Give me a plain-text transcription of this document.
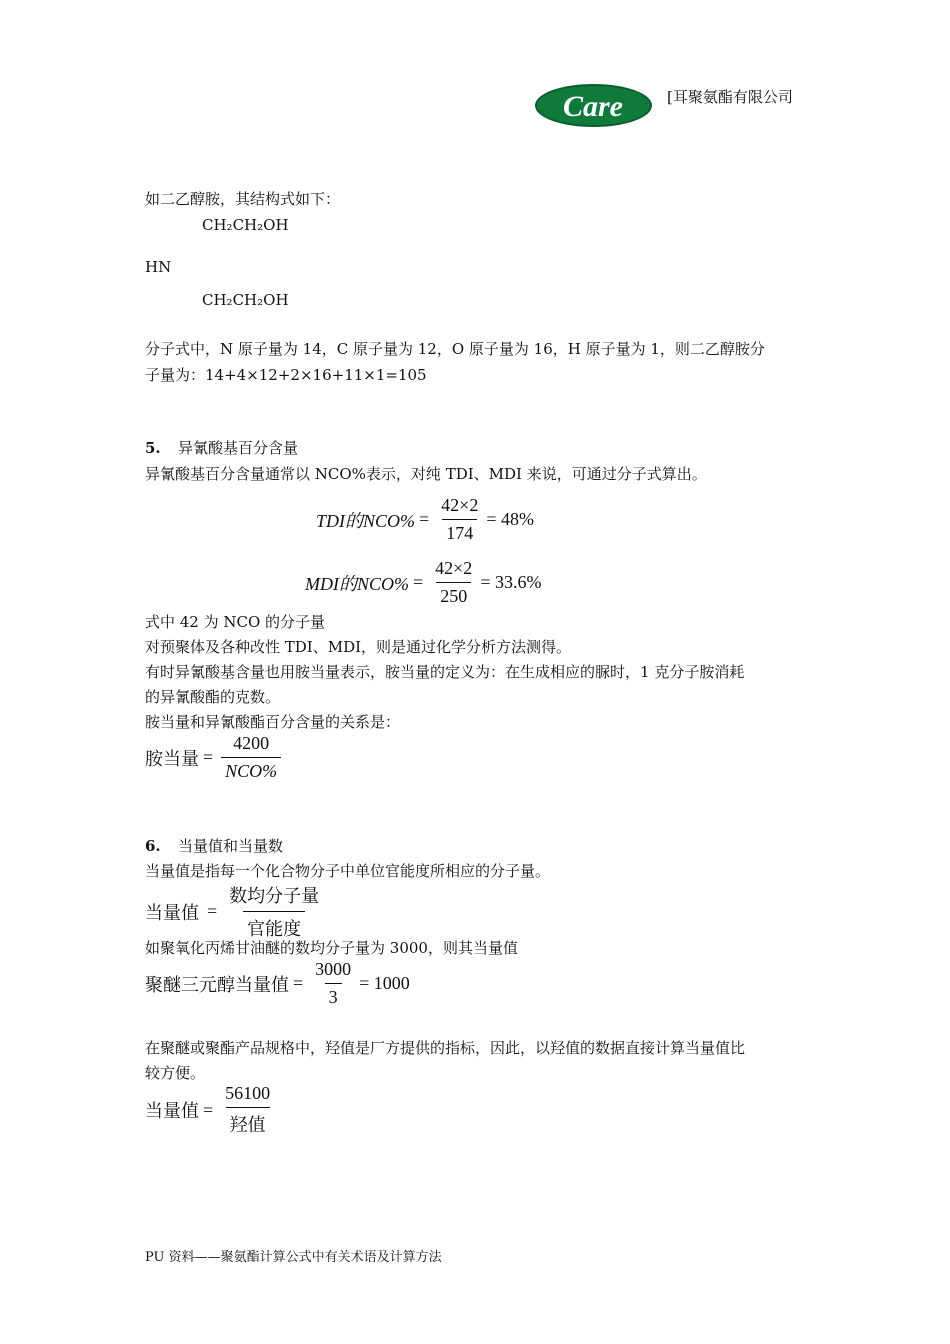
Care	[耳聚氨酯有限公司
如二乙醇胺，其结构式如下：
CH₂CH₂OH
HN
CH₂CH₂OH
分子式中，N 原子量为 14，C 原子量为 12，O 原子量为 16，H 原子量为 1，则二乙醇胺分
子量为：14+4×12+2×16+11×1=105
5. 异氰酸基百分含量
异氰酸基百分含量通常以 NCO%表示，对纯 TDI、MDI 来说，可通过分子式算出。
TDI的$NCO\% = \frac{42\times 2}{174} = 48\%$
MDI的$NCO\% = \frac{42\times 2}{250} = 33.6\%$
式中 42 为 NCO 的分子量
对预聚体及各种改性 TDI、MDI，则是通过化学分析方法测得。
有时异氰酸基含量也用胺当量表示，胺当量的定义为：在生成相应的脲时，1 克分子胺消耗
的异氰酸酯的克数。
胺当量和异氰酸酯百分含量的关系是：
胺当量 = $\frac{4200}{\text{NCO\%}}$
6. 当量值和当量数
当量值是指每一个化合物分子中单位官能度所相应的分子量。
当量值 = $\frac{\text{数均分子量}}{\text{官能度}}$
如聚氧化丙烯甘油醚的数均分子量为 3000，则其当量值
聚醚三元醇当量值 = $\frac{3000}{3} = 1000$
在聚醚或聚酯产品规格中，羟值是厂方提供的指标，因此，以羟值的数据直接计算当量值比
较方便。
当量值 = $\frac{56100}{\text{羟值}}$
PU 资料——聚氨酯计算公式中有关术语及计算方法
